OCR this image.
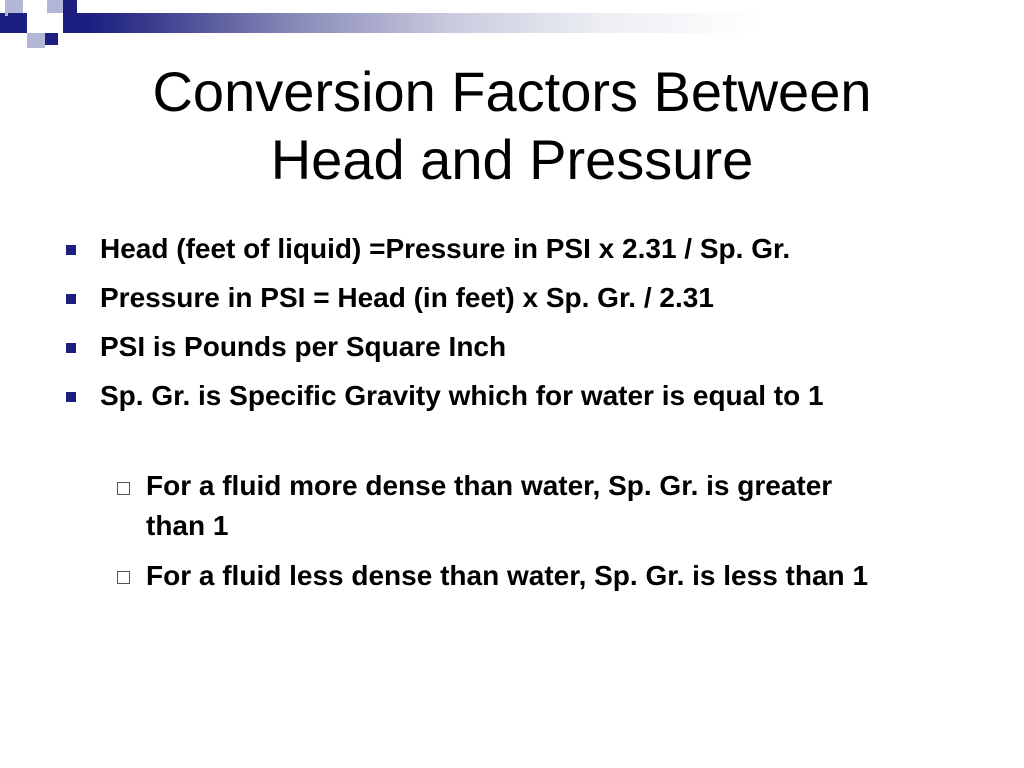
Conversion Factors Between
Head and Pressure
Head (feet of liquid) =Pressure in PSI x 2.31 / Sp. Gr.
Pressure in PSI = Head (in feet) x Sp. Gr. / 2.31
PSI is Pounds per Square Inch
Sp. Gr. is Specific Gravity which for water is equal to 1
For a fluid more dense than water, Sp. Gr. is greater than 1
For a fluid less dense than water, Sp. Gr. is less than 1
